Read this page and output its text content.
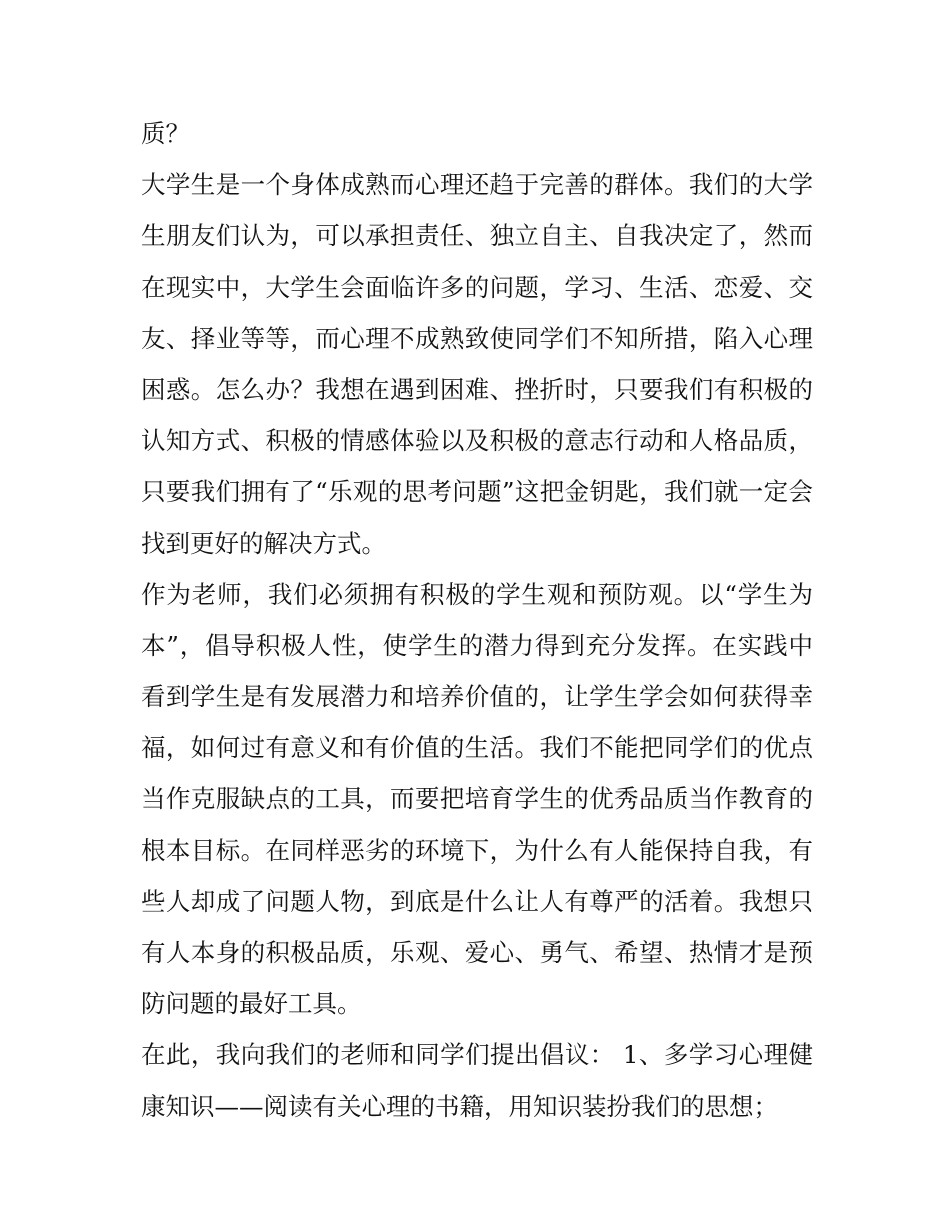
质？
大学生是一个身体成熟而心理还趋于完善的群体。我们的大学
生朋友们认为，可以承担责任、独立自主、自我决定了，然而
在现实中，大学生会面临许多的问题，学习、生活、恋爱、交
友、择业等等，而心理不成熟致使同学们不知所措，陷入心理
困惑。怎么办？我想在遇到困难、挫折时，只要我们有积极的
认知方式、积极的情感体验以及积极的意志行动和人格品质，
只要我们拥有了“乐观的思考问题”这把金钥匙，我们就一定会
找到更好的解决方式。
作为老师，我们必须拥有积极的学生观和预防观。以“学生为
本”，倡导积极人性，使学生的潜力得到充分发挥。在实践中
看到学生是有发展潜力和培养价值的，让学生学会如何获得幸
福，如何过有意义和有价值的生活。我们不能把同学们的优点
当作克服缺点的工具，而要把培育学生的优秀品质当作教育的
根本目标。在同样恶劣的环境下，为什么有人能保持自我，有
些人却成了问题人物，到底是什么让人有尊严的活着。我想只
有人本身的积极品质，乐观、爱心、勇气、希望、热情才是预
防问题的最好工具。
在此，我向我们的老师和同学们提出倡议： 1、多学习心理健
康知识——阅读有关心理的书籍，用知识装扮我们的思想；
